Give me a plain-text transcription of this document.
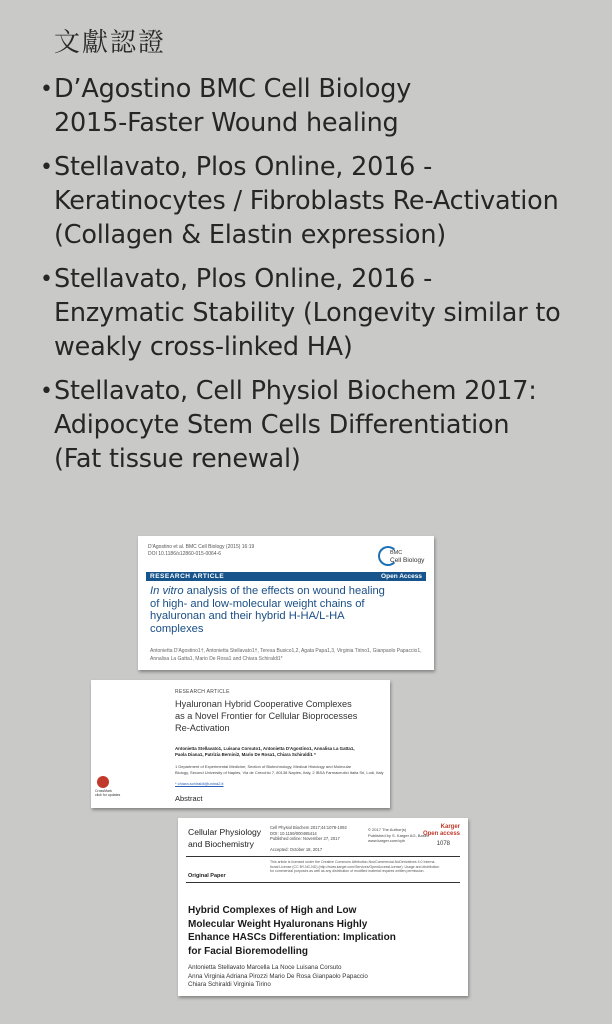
文獻認證
• D’Agostino BMC Cell Biology
2015-Faster Wound healing
• Stellavato, Plos Online, 2016 -
Keratinocytes / Fibroblasts Re-Activation
(Collagen & Elastin expression)
• Stellavato, Plos Online, 2016 -
Enzymatic Stability (Longevity similar to
weakly cross-linked HA)
• Stellavato, Cell Physiol Biochem 2017:
Adipocyte Stem Cells Differentiation
(Fat tissue renewal)
D'Agostino et al. BMC Cell Biology (2015) 16:19
DOI 10.1186/s12860-015-0064-6	BMC
Cell Biology
RESEARCH ARTICLE	Open Access
In vitro analysis of the effects on wound healing
of high- and low-molecular weight chains of
hyaluronan and their hybrid H-HA/L-HA
complexes
Antonietta D'Agostino1†, Antonietta Stellavato1†, Teresa Busico1,2, Agata Papa1,3, Virginia Tirino1, Gianpaolo Papaccio1,
Annalisa La Gatta1, Mario De Rosa1 and Chiara Schiraldi1*
RESEARCH ARTICLE
Hyaluronan Hybrid Cooperative Complexes
as a Novel Frontier for Cellular Bioprocesses
Re-Activation
Antonietta Stellavato1, Luisana Corsuto1, Antonietta D'Agostino1, Annalisa La Gatta1,
Paola Diana1, Patrizia Bernini2, Mario De Rosa1, Chiara Schiraldi1 *
1 Department of Experimental Medicine, Section of Biotechnology, Medical Histology and Molecular
Biology, Second University of Naples, Via de Crecchio 7, 80138 Naples, Italy, 2 IBSA Farmaceutici Italia Srl, Lodi, Italy
* chiara.schiraldi@unina2.it
Abstract
CrossMark
click for updates
Cellular Physiology
and Biochemistry
Cell Physiol Biochem 2017;44:1078-1092
DOI: 10.1159/000485414
Published online: November 27, 2017

Accepted: October 18, 2017
© 2017 The Author(s)
Published by S. Karger AG, Basel
www.karger.com/cpb
Karger
Open access
1078
This article is licensed under the Creative Commons Attribution-NonCommercial-NoDerivatives 4.0 Interna-
tional License (CC BY-NC-ND) (http://www.karger.com/Services/OpenAccessLicense). Usage and distribution
for commercial purposes as well as any distribution of modified material requires written permission.
Original Paper
Hybrid Complexes of High and Low
Molecular Weight Hyaluronans Highly
Enhance HASCs Differentiation: Implication
for Facial Bioremodelling
Antonietta Stellavato Marcella La Noce Luisana Corsuto
Anna Virginia Adriana Pirozzi Mario De Rosa Gianpaolo Papaccio
Chiara Schiraldi Virginia Tirino
